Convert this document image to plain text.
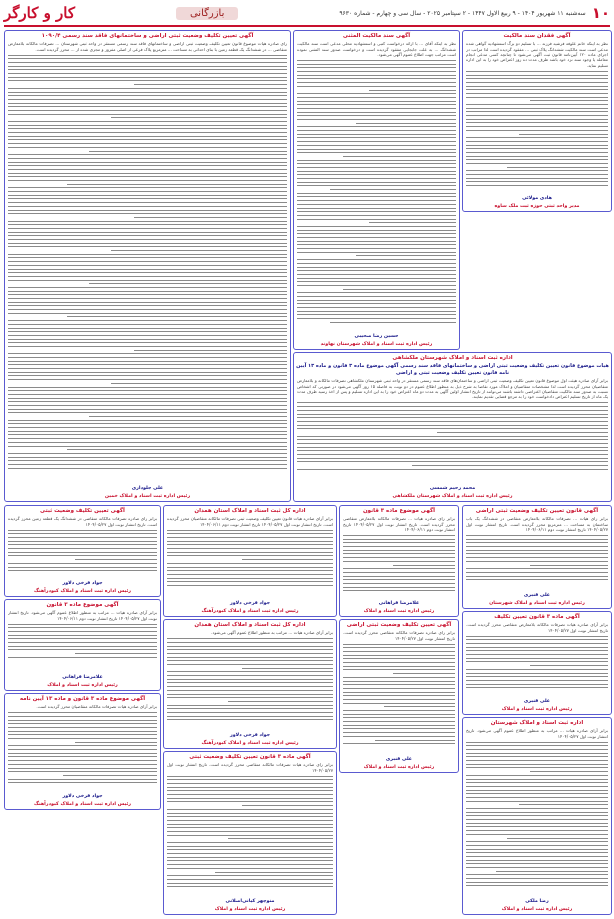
۱۰
سه‌شنبه ۱۱ شهریور ۱۴۰۴ - ۹ ربیع الاول ۱۴۴۷ - ۲ سپتامبر ۲۰۲۵ - سال سی و چهارم - شماره ۹۶۳۰
بازرگانی
کار و کارگر
آگهی فقدان سند مالکیت
نظر به اینکه خانم علوفه فرشید فرزند ... با تسلیم دو برگ استشهادیه گواهی شده مدعی است سند مالکیت ششدانگ پلاک ثبتی ... مفقود گردیده است لذا مراتب در اجرای ماده ۱۲۰ آیین‌نامه قانون ثبت آگهی می‌شود تا چنانچه کسی مدعی انجام معامله یا وجود سند نزد خود باشد ظرف مدت ده روز اعتراض خود را به این اداره تسلیم نماید.
هادی مولائی
مدیر واحد ثبتی حوزه ثبت ملک ساوه
آگهی سند مالکیت المثنی
نظر به اینکه آقای ... با ارائه درخواست کتبی و استشهادیه محلی مدعی است سند مالکیت ششدانگ ... به علت جابجایی مفقود گردیده است و درخواست صدور سند المثنی نموده است مراتب جهت اطلاع عموم آگهی می‌شود.
حسین رضا صحیبی
رئیس اداره ثبت اسناد و املاک شهرستان نهاوند
آگهی تعیین تکلیف وضعیت ثبتی اراضی و ساختمانهای فاقد سند رسمی ۱۰۹۰/۴
رای صادره هیات موضوع قانون تعیین تکلیف وضعیت ثبتی اراضی و ساختمانهای فاقد سند رسمی مستقر در واحد ثبتی شهرستان ... تصرفات مالکانه بلامعارض متقاضی ... در ششدانگ یک قطعه زمین با بنای احداثی به مساحت ... مترمربع پلاک فرعی از اصلی مفروز و مجزی شده از ... محرز گردیده است.
علی جلوداری
رئیس اداره ثبت اسناد و املاک خمین
اداره ثبت اسناد و املاک شهرستان ملکشاهی
هیات موضوع قانون تعیین تکلیف وضعیت ثبتی اراضی و ساختمانهای فاقد سند رسمی آگهی موضوع ماده ۳ قانون و ماده ۱۳ آیین نامه قانون تعیین تکلیف وضعیت ثبتی و اراضی
برابر آرای صادره هیئت اول موضوع قانون تعیین تکلیف وضعیت ثبتی اراضی و ساختمان‌های فاقد سند رسمی مستقر در واحد ثبتی شهرستان ملکشاهی تصرفات مالکانه و بلامعارض متقاضیان محرز گردیده است لذا مشخصات متقاضیان و املاک مورد تقاضا به شرح ذیل به منظور اطلاع عموم در دو نوبت به فاصله ۱۵ روز آگهی می‌شود در صورتی که اشخاص نسبت به صدور سند مالکیت متقاضیان اعتراضی داشته باشند می‌توانند از تاریخ انتشار اولین آگهی به مدت دو ماه اعتراض خود را به این اداره تسلیم و پس از اخذ رسید ظرف مدت یک ماه از تاریخ تسلیم اعتراض دادخواست خود را به مرجع قضایی تقدیم نمایند.
محمد رحیم شمسی
رئیس اداره ثبت اسناد و املاک شهرستان ملکشاهی
آگهی قانون تعیین تکلیف وضعیت ثبتی اراضی
برابر رای هیات ... تصرفات مالکانه بلامعارض متقاضی در ششدانگ یک باب ساختمان به مساحت ... مترمربع محرز گردیده است. تاریخ انتشار نوبت اول ۱۴۰۴/۰۵/۲۷ تاریخ انتشار نوبت دوم ۱۴۰۴/۰۶/۱۱
علی قنبری
رئیس اداره ثبت اسناد و املاک شهرستان
آگهی موضوع ماده ۳ قانون
برابر رای صادره هیات ... تصرفات مالکانه بلامعارض متقاضی محرز گردیده است. تاریخ انتشار نوبت اول ۱۴۰۴/۰۵/۲۷ تاریخ انتشار نوبت دوم ۱۴۰۴/۰۶/۱۱
غلامرضا فراهانی
رئیس اداره ثبت اسناد و املاک
اداره کل ثبت اسناد و املاک استان همدان
برابر آرای صادره هیات قانون تعیین تکلیف وضعیت ثبتی تصرفات مالکانه متقاضیان محرز گردیده است. تاریخ انتشار نوبت اول ۱۴۰۴/۰۵/۲۷ تاریخ انتشار نوبت دوم ۱۴۰۴/۰۶/۱۱
جواد فرخی دلاور
رئیس اداره ثبت اسناد و املاک کبودرآهنگ
آگهی تعیین تکلیف وضعیت ثبتی
برابر رای صادره تصرفات مالکانه متقاضی در ششدانگ یک قطعه زمین محرز گردیده است. تاریخ انتشار نوبت اول ۱۴۰۴/۰۵/۲۷
جواد فرخی دلاور
رئیس اداره ثبت اسناد و املاک کبودرآهنگ
آگهی موضوع ماده ۳ قانون
برابر آرای صادره هیات ... مراتب به منظور اطلاع عموم آگهی می‌شود. تاریخ انتشار نوبت اول ۱۴۰۴/۰۵/۲۷ تاریخ انتشار نوبت دوم ۱۴۰۴/۰۶/۱۱
غلامرضا فراهانی
رئیس اداره ثبت اسناد و املاک
آگهی ماده ۳ قانون تعیین تکلیف
برابر آرای صادره هیات تصرفات مالکانه بلامعارض متقاضی محرز گردیده است. تاریخ انتشار نوبت اول ۱۴۰۴/۰۵/۲۷
علی قنبری
رئیس اداره ثبت اسناد و املاک
اداره کل ثبت اسناد و املاک استان همدان
برابر آرای صادره هیات ... مراتب به منظور اطلاع عموم آگهی می‌شود.
جواد فرخی دلاور
رئیس اداره ثبت اسناد و املاک کبودرآهنگ
آگهی تعیین تکلیف وضعیت ثبتی اراضی
برابر رای صادره تصرفات مالکانه متقاضی محرز گردیده است. تاریخ انتشار نوبت اول ۱۴۰۴/۰۵/۲۷
علی قنبری
رئیس اداره ثبت اسناد و املاک
آگهی موضوع ماده ۳ قانون و ماده ۱۳ آیین نامه
برابر آرای صادره هیات تصرفات مالکانه متقاضیان محرز گردیده است.
جواد فرخی دلاور
رئیس اداره ثبت اسناد و املاک کبودرآهنگ
آگهی ماده ۳ قانون تعیین تکلیف وضعیت ثبتی
برابر رای صادره هیات تصرفات مالکانه متقاضی محرز گردیده است. تاریخ انتشار نوبت اول ۱۴۰۴/۰۵/۲۷
منوچهر کیانی‌اصلانی
رئیس اداره ثبت اسناد و املاک
اداره ثبت اسناد و املاک شهرستان
برابر آرای صادره هیات ... مراتب به منظور اطلاع عموم آگهی می‌شود. تاریخ انتشار نوبت اول ۱۴۰۴/۰۵/۲۷
رضا ملکی
رئیس اداره ثبت اسناد و املاک
